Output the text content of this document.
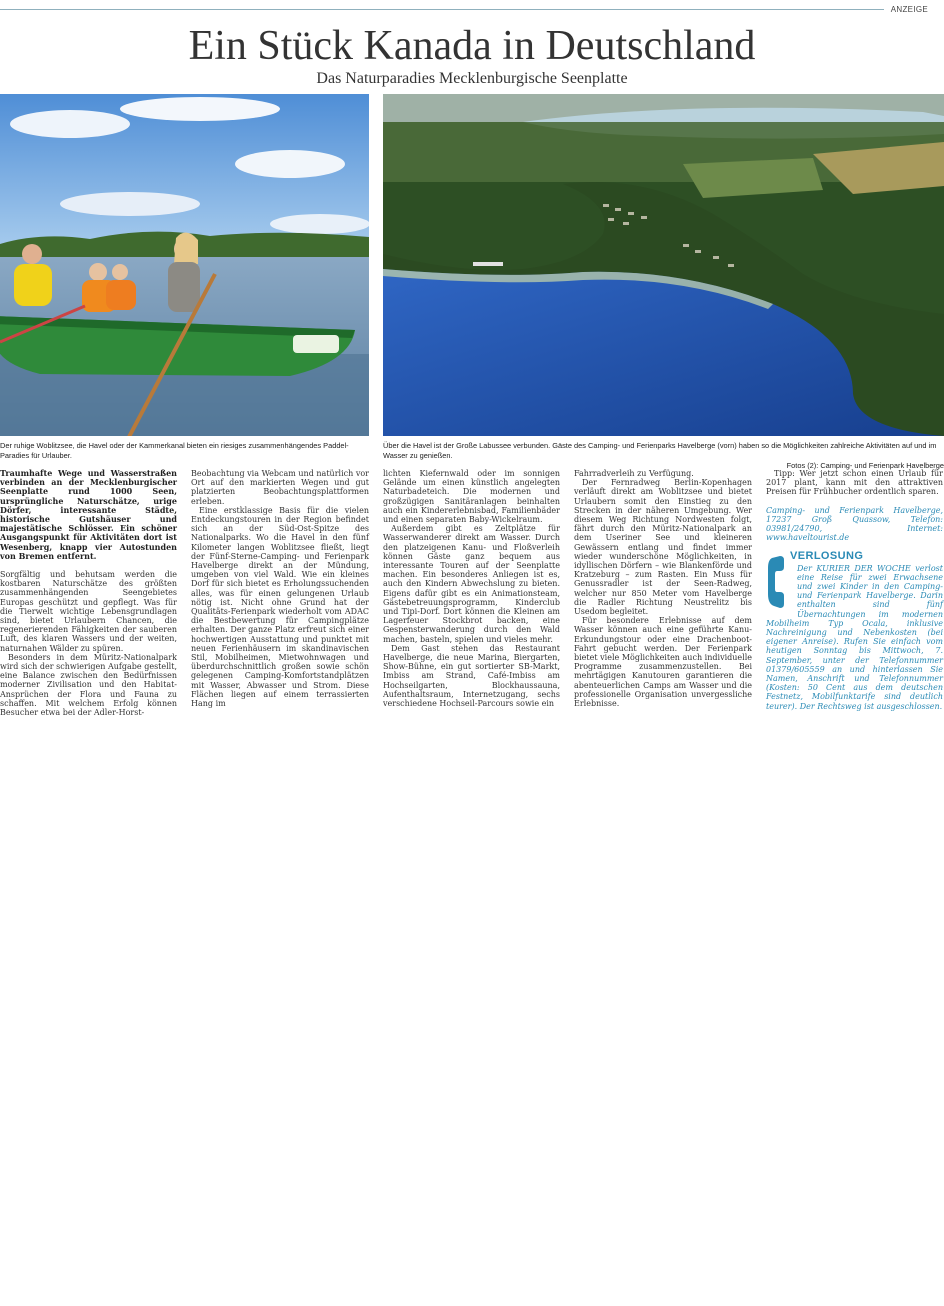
ANZEIGE
Ein Stück Kanada in Deutschland
Das Naturparadies Mecklenburgische Seenplatte
Der ruhige Woblitzsee, die Havel oder der Kammerkanal bieten ein riesiges zusammenhängendes Paddel-Paradies für Urlauber.
Über die Havel ist der Große Labussee verbunden. Gäste des Camping- und Ferienparks Havelberge (vorn) haben so die Möglichkeiten zahlreiche Aktivitäten auf und im Wasser zu genießen.
Fotos (2): Camping- und Ferienpark Havelberge

Traumhafte Wege und Wasserstraßen verbinden an der Mecklenburgischer Seenplatte rund 1000 Seen, ursprüngliche Naturschätze, urige Dörfer, interessante Städte, historische Gutshäuser und majestätische Schlösser. Ein schöner Ausgangspunkt für Aktivitäten dort ist Wesenberg, knapp vier Autostunden von Bremen entfernt.

Sorgfältig und behutsam werden die kostbaren Naturschätze des größten zusammenhängenden Seengebietes Europas geschützt und gepflegt. Was für die Tierwelt wichtige Lebensgrundlagen sind, bietet Urlaubern Chancen, die regenerierenden Fähigkeiten der sauberen Luft, des klaren Wassers und der weiten, naturnahen Wälder zu spüren.

Besonders in dem Müritz-Nationalpark wird sich der schwierigen Aufgabe gestellt, eine Balance zwischen den Bedürfnissen moderner Zivilisation und den Habitat-Ansprüchen der Flora und Fauna zu schaffen. Mit welchem Erfolg können Besucher etwa bei der Adler-Horst-

Beobachtung via Webcam und natürlich vor Ort auf den markierten Wegen und gut platzierten Beobachtungsplattformen erleben.

Eine erstklassige Basis für die vielen Entdeckungstouren in der Region befindet sich an der Süd-Ost-Spitze des Nationalparks. Wo die Havel in den fünf Kilometer langen Woblitzsee fließt, liegt der Fünf-Sterne-Camping- und Ferienpark Havelberge direkt an der Mündung, umgeben von viel Wald. Wie ein kleines Dorf für sich bietet es Erholungssuchenden alles, was für einen gelungenen Urlaub nötig ist. Nicht ohne Grund hat der Qualitäts-Ferienpark wiederholt vom ADAC die Bestbewertung für Campingplätze erhalten. Der ganze Platz erfreut sich einer hochwertigen Ausstattung und punktet mit neuen Ferienhäusern im skandinavischen Stil, Mobilheimen, Mietwohnwagen und überdurchschnittlich großen sowie schön gelegenen Camping-Komfortstandplätzen mit Wasser, Abwasser und Strom. Diese Flächen liegen auf einem terrassierten Hang im

lichten Kiefernwald oder im sonnigen Gelände um einen künstlich angelegten Naturbadeteich. Die modernen und großzügigen Sanitäranlagen beinhalten auch ein Kindererlebnisbad, Familienbäder und einen separaten Baby-Wickelraum.

Außerdem gibt es Zeltplätze für Wasserwanderer direkt am Wasser. Durch den platzeigenen Kanu- und Floßverleih können Gäste ganz bequem aus interessante Touren auf der Seenplatte machen. Ein besonderes Anliegen ist es, auch den Kindern Abwechslung zu bieten. Eigens dafür gibt es ein Animationsteam, Gästebetreuungsprogramm, Kinderclub und Tipi-Dorf. Dort können die Kleinen am Lagerfeuer Stockbrot backen, eine Gespensterwanderung durch den Wald machen, basteln, spielen und vieles mehr.

Dem Gast stehen das Restaurant Havelberge, die neue Marina, Biergarten, Show-Bühne, ein gut sortierter SB-Markt, Imbiss am Strand, Café-Imbiss am Hochseilgarten, Blockhaussauna, Aufenthaltsraum, Internetzugang, sechs verschiedene Hochseil-Parcours sowie ein

Fahrradverleih zu Verfügung.

Der Fernradweg Berlin-Kopenhagen verläuft direkt am Woblitzsee und bietet Urlaubern somit den Einstieg zu den Strecken in der näheren Umgebung. Wer diesem Weg Richtung Nordwesten folgt, fährt durch den Müritz-Nationalpark an dem Useriner See und kleineren Gewässern entlang und findet immer wieder wunderschöne Möglichkeiten, in idyllischen Dörfern – wie Blankenförde und Kratzeburg – zum Rasten. Ein Muss für Genussradler ist der Seen-Radweg, welcher nur 850 Meter vom Havelberge die Radler Richtung Neustrelitz bis Usedom begleitet.

Für besondere Erlebnisse auf dem Wasser können auch eine geführte Kanu-Erkundungstour oder eine Drachenboot-Fahrt gebucht werden. Der Ferienpark bietet viele Möglichkeiten auch individuelle Programme zusammenzustellen. Bei mehrtägigen Kanutouren garantieren die abenteuerlichen Camps am Wasser und die professionelle Organisation unvergessliche Erlebnisse.

Tipp: Wer jetzt schon einen Urlaub für 2017 plant, kann mit den attraktiven Preisen für Frühbucher ordentlich sparen.

Camping- und Ferienpark Havelberge, 17237 Groß Quassow, Telefon: 03981/24790, Internet: www.haveltourist.de

VERLOSUNG

Der KURIER DER WOCHE verlost eine Reise für zwei Erwachsene und zwei Kinder in den Camping- und Ferienpark Havelberge. Darin enthalten sind fünf Übernachtungen im modernen Mobilheim Typ Ocala, inklusive Nachreinigung und Nebenkosten (bei eigener Anreise). Rufen Sie einfach vom heutigen Sonntag bis Mittwoch, 7. September, unter der Telefonnummer 01379/605559 an und hinterlassen Sie Namen, Anschrift und Telefonnummer (Kosten: 50 Cent aus dem deutschen Festnetz, Mobilfunktarife sind deutlich teurer). Der Rechtsweg ist ausgeschlossen.
